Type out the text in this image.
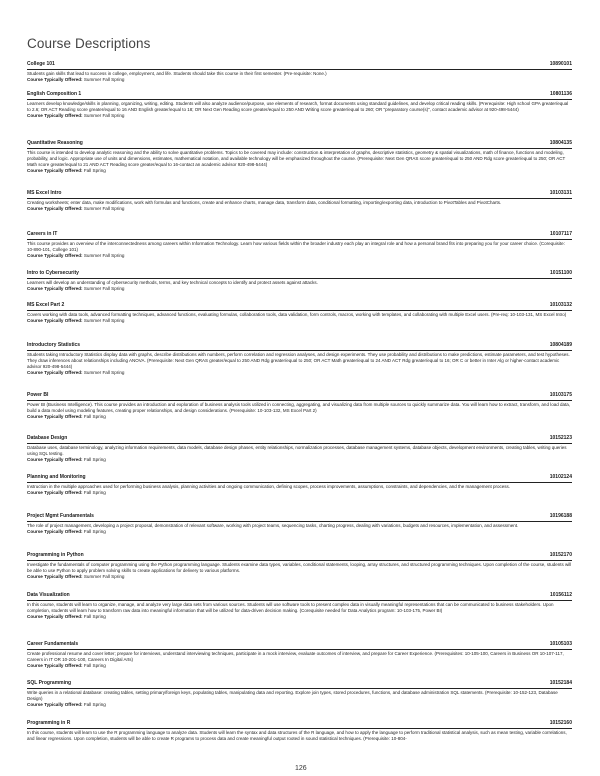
Course Descriptions
College 101	10890101
Students gain skills that lead to success in college, employment, and life. Students should take this course in their first semester. (Pre-requisite: None.)
Course Typically Offered: Summer Fall Spring
English Composition 1	10801136
Learners develop knowledge/skills in planning, organizing, writing, editing. Students will also analyze audience/purpose, use elements of research, format documents using standard guidelines, and develop critical reading skills. (Prerequisite: High school GPA greater/equal to 2.6; OR ACT Reading score greater/equal to 16 AND English greater/equal to 18; OR Next Gen Reading score greater/equal to 250 AND Writing score greater/equal to 260; OR "preparatory course(s)", contact academic advisor at 920-498-5444)
Course Typically Offered: Summer Fall Spring
Quantitative Reasoning	10804135
This course is intended to develop analytic reasoning and the ability to solve quantitative problems. Topics to be covered may include: construction & interpretation of graphs, descriptive statistics, geometry & spatial visualizations, math of finance, functions and modeling, probability, and logic. Appropriate use of units and dimensions, estimates, mathematical notation, and available technology will be emphasized throughout the course. (Prerequisite: Next Gen QRAS score greater/equal to 250 AND Rdg score greater/equal to 250; OR ACT Math score greater/equal to 21 AND ACT Reading score greater/equal to 16-contact an academic advisor 920-498-5444)
Course Typically Offered: Fall Spring
MS Excel Intro	10103131
Creating worksheets; enter data, make modifications, work with formulas and functions, create and enhance charts, manage data, transform data, conditional formatting, importing/exporting data, introduction to PivotTables and PivotCharts.
Course Typically Offered: Summer Fall Spring
Careers in IT	10107117
This course provides an overview of the interconnectedness among careers within Information Technology. Learn how various fields within the broader industry each play an integral role and how a personal brand fits into preparing you for your career choice. (Corequisite: 10-890-101, College 101)
Course Typically Offered: Summer Fall Spring
Intro to Cybersecurity	10151100
Learners will develop an understanding of cybersecurity methods, terms, and key technical concepts to identify and protect assets against attacks.
Course Typically Offered: Summer Fall Spring
MS Excel Part 2	10103132
Covers working with data tools, advanced formatting techniques, advanced functions, evaluating formulas, collaboration tools, data validation, form controls, macros, working with templates, and collaborating with multiple Excel users. (Pre-req: 10-103-131, MS Excel Intro)
Course Typically Offered: Summer Fall Spring
Introductory Statistics	10804189
Students taking Introductory Statistics display data with graphs, describe distributions with numbers, perform correlation and regression analyses, and design experiments. They use probability and distributions to make predictions, estimate parameters, and test hypotheses. They draw inferences about relationships including ANOVA. (Prerequisite: Next Gen QRAS greater/equal to 250 AND Rdg greater/equal to 250; OR ACT Math greater/equal to 24 AND ACT Rdg greater/equal to 16; OR C or better in Inter Alg or higher-contact academic advisor 920-498-5444)
Course Typically Offered: Summer Fall Spring
Power BI	10103175
Power BI (Business Intelligence). This course provides an introduction and exploration of business analysis tools utilized in connecting, aggregating, and visualizing data from multiple sources to quickly summarize data. You will learn how to extract, transform, and load data, build a data model using modeling features, creating proper relationships, and design considerations. (Prerequisite: 10-103-132, MS Excel Part 2)
Course Typically Offered: Fall Spring
Database Design	10152123
Database uses, database terminology, analyzing information requirements, data models, database design phases, entity relationships, normalization processes, database management systems, database objects, development environments, creating tables, writing queries using SQL testing.
Course Typically Offered: Fall Spring
Planning and Monitoring	10102124
Instruction in the multiple approaches used for performing business analysis, planning activities and ongoing communication, defining scopes, process improvements, assumptions, constraints, and dependencies, and the management process.
Course Typically Offered: Fall Spring
Project Mgmt Fundamentals	10196188
The role of project management, developing a project proposal, demonstration of relevant software, working with project teams, sequencing tasks, charting progress, dealing with variations, budgets and resources, implementation, and assessment.
Course Typically Offered: Fall Spring
Programming in Python	10152170
Investigate the fundamentals of computer programming using the Python programming language. Students examine data types, variables, conditional statements, looping, array structures, and structured programming techniques. Upon completion of the course, students will be able to use Python to apply problem solving skills to create applications for delivery to various platforms.
Course Typically Offered: Summer Fall Spring
Data Visualization	10156112
In this course, students will learn to organize, manage, and analyze very large data sets from various sources. Students will use software tools to present complex data in visually meaningful representations that can be communicated to business stakeholders. Upon completion, students will learn how to transform raw data into meaningful information that will be utilized for data-driven decision making. (Corequisite needed for Data Analytics program: 10-103-175, Power BI)
Course Typically Offered: Fall Spring
Career Fundamentals	10105103
Create professional resume and cover letter; prepare for interviews, understand interviewing techniques, participate in a mock interview, evaluate outcomes of interview, and prepare for Career Experience. (Prerequisites: 10-105-100, Careers in Business OR 10-107-117, Careers in IT OR 10-201-100, Careers In Digital Arts)
Course Typically Offered: Fall Spring
SQL Programming	10152184
Write queries in a relational database: creating tables, setting primary/foreign keys, populating tables, manipulating data and reporting. Explore join types, stored procedures, functions, and database administration SQL statements. (Prerequisite: 10-152-123, Database Design)
Course Typically Offered: Fall Spring
Programming in R	10152160
In this course, students will learn to use the R programming language to analyze data. Students will learn the syntax and data structures of the R language, and how to apply the language to perform traditional statistical analysis, such as mean testing, variable correlations, and linear regressions. Upon completion, students will be able to create R programs to process data and create meaningful output rooted in sound statistical techniques. (Prerequisite: 10-804-
126
